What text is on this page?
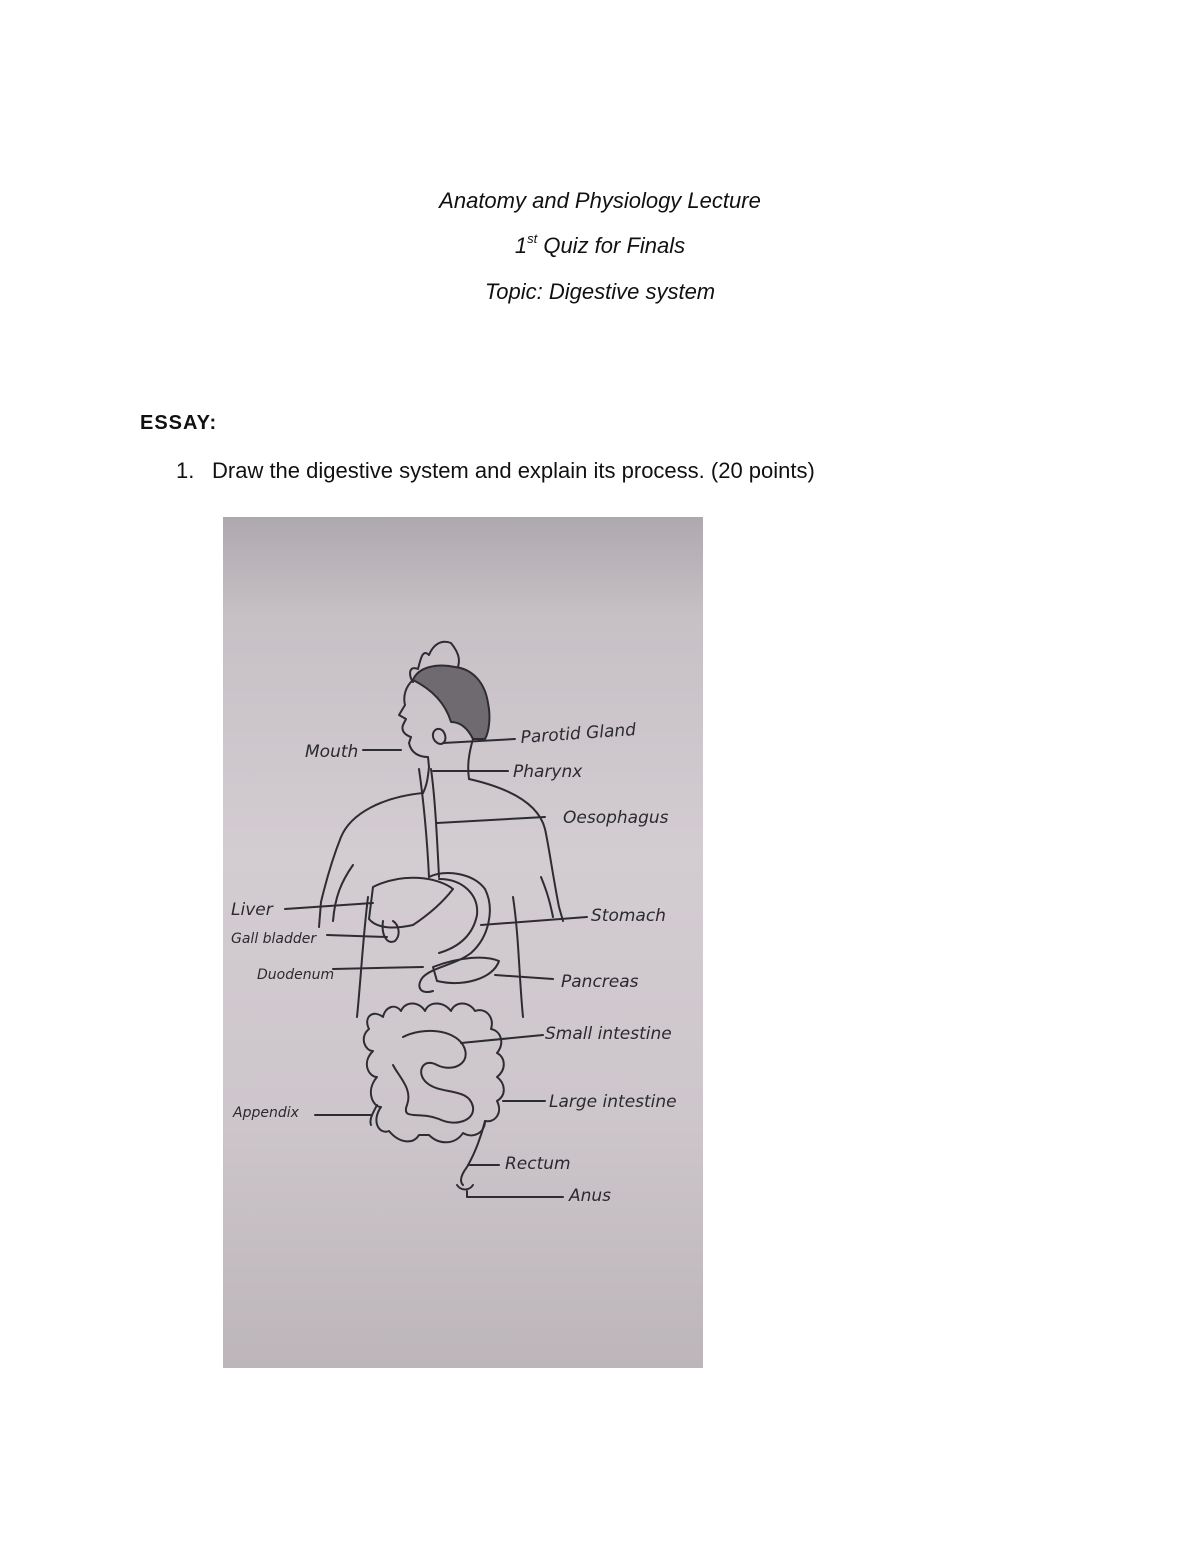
Anatomy and Physiology Lecture
1st Quiz for Finals
Topic: Digestive system
ESSAY:
1. Draw the digestive system and explain its process. (20 points)
Mouth
Parotid Gland
Pharynx
Oesophagus
Liver
Gall bladder
Stomach
Duodenum	Pancreas
Small intestine
Large intestine
Appendix
Rectum
Anus
